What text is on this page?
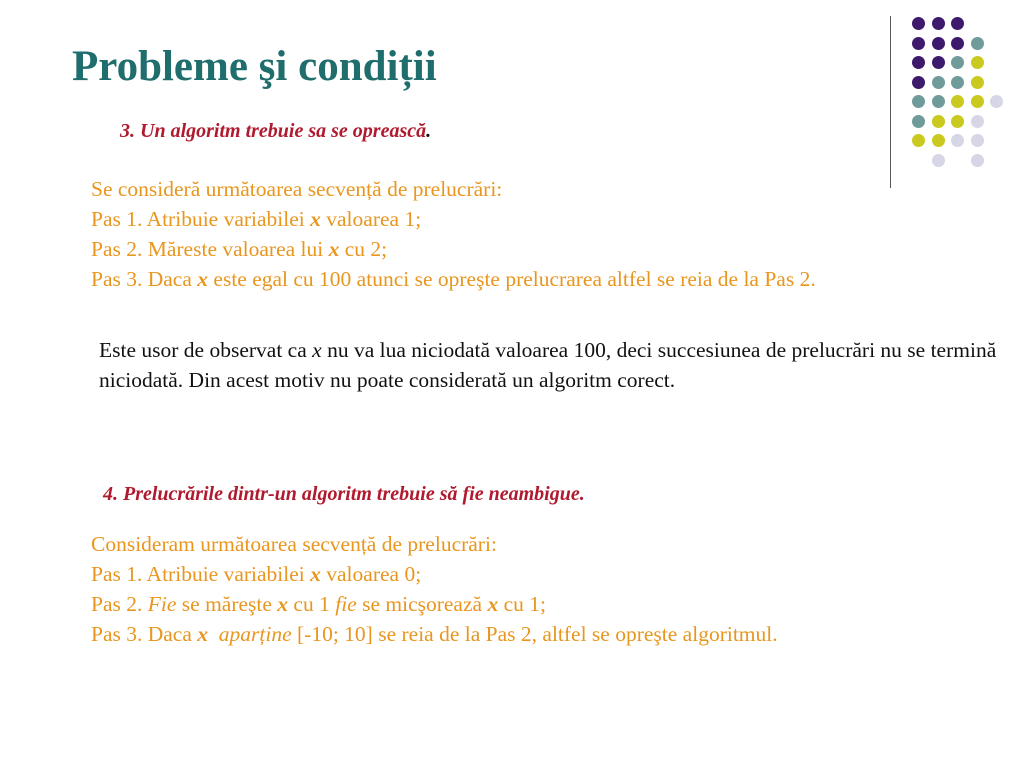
Probleme şi condiții
3. Un algoritm trebuie sa se oprească.
Se consideră următoarea secvență de prelucrări:
Pas 1. Atribuie variabilei x valoarea 1;
Pas 2. Măreste valoarea lui x cu 2;
Pas 3. Daca x este egal cu 100 atunci se opreşte prelucrarea altfel se reia de la Pas 2.
Este usor de observat ca x nu va lua niciodată valoarea 100, deci succesiunea de prelucrări nu se termină niciodată. Din acest motiv nu poate considerată un algoritm corect.
4. Prelucrările dintr-un algoritm trebuie să fie neambigue.
Consideram următoarea secvență de prelucrări:
Pas 1. Atribuie variabilei x valoarea 0;
Pas 2. Fie se măreşte x cu 1 fie se micşorează x cu 1;
Pas 3. Daca x aparține [-10; 10] se reia de la Pas 2, altfel se opreşte algoritmul.
